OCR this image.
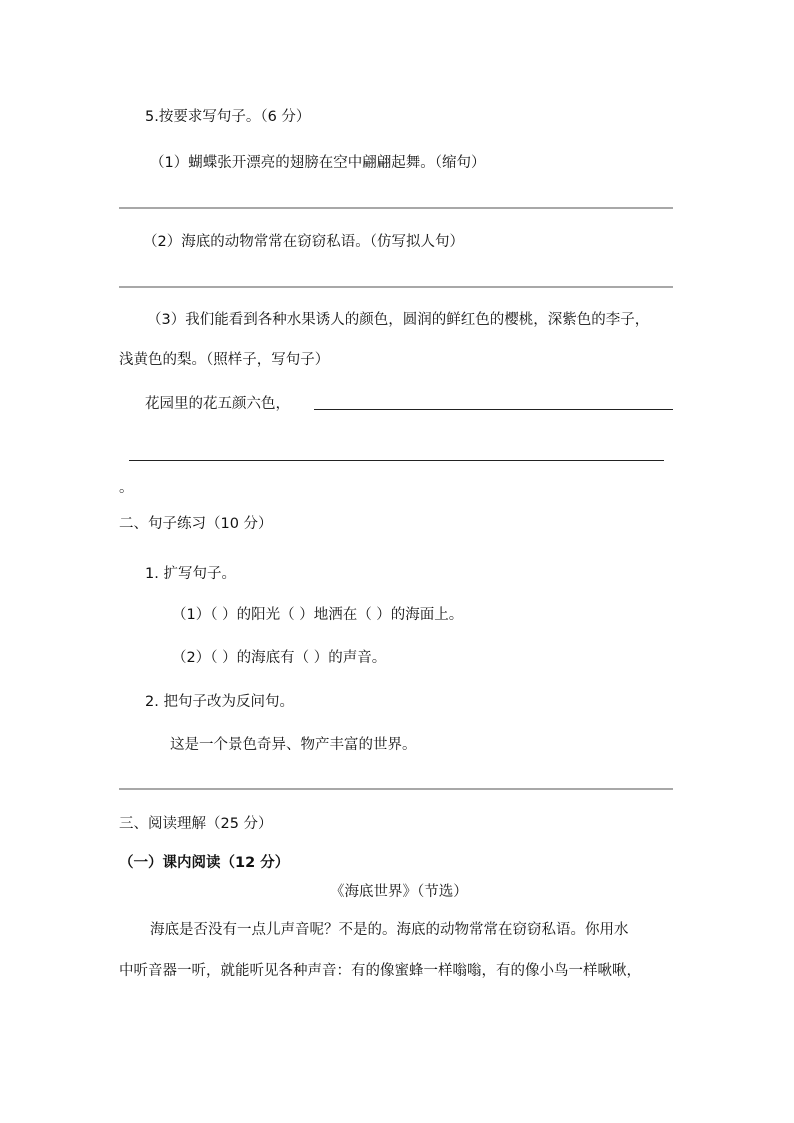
5.按要求写句子。（6 分）
（1）蝴蝶张开漂亮的翅膀在空中翩翩起舞。（缩句）
（2）海底的动物常常在窃窃私语。（仿写拟人句）
（3）我们能看到各种水果诱人的颜色，圆润的鲜红色的樱桃，深紫色的李子，
浅黄色的梨。（照样子，写句子）
花园里的花五颜六色，
。
二、句子练习（10 分）
1. 扩写句子。
（1）（ ）的阳光（ ）地洒在（ ）的海面上。
（2）（ ）的海底有（ ）的声音。
2. 把句子改为反问句。
这是一个景色奇异、物产丰富的世界。
三、阅读理解（25 分）
（一）课内阅读（12 分）
《海底世界》（节选）
海底是否没有一点儿声音呢？不是的。海底的动物常常在窃窃私语。你用水
中听音器一听，就能听见各种声音：有的像蜜蜂一样嗡嗡，有的像小鸟一样啾啾，
